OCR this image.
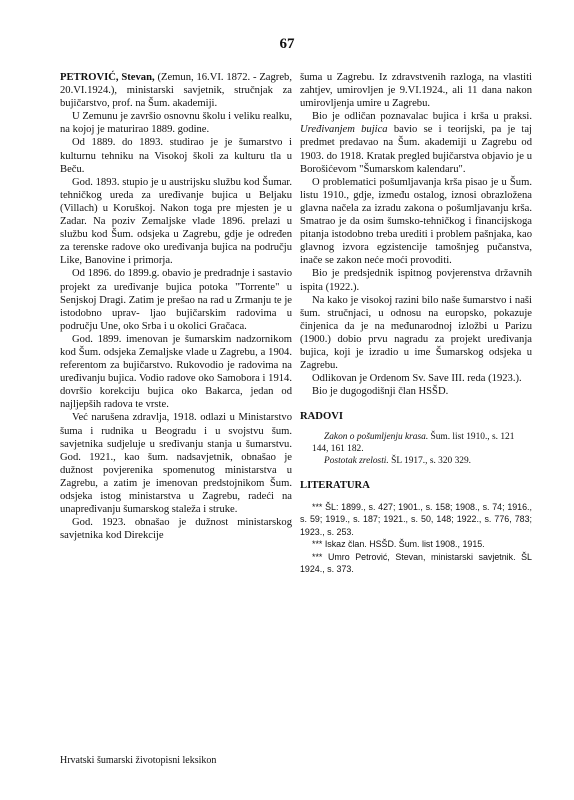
67

PETROVIĆ, Stevan, (Zemun, 16.VI. 1872. - Zagreb, 20.VI.1924.), ministarski savjetnik, stručnjak za bujičarstvo, prof. na Šum. akademiji.

U Zemunu je završio osnovnu školu i veliku realku, na kojoj je maturirao 1889. godine.

Od 1889. do 1893. studirao je je šumarstvo i kulturnu tehniku na Visokoj školi za kulturu tla u Beču.

God. 1893. stupio je u austrijsku službu kod Šumar. tehničkog ureda za uređivanje bujica u Beljaku (Villach) u Koruškoj. Nakon toga pre mjesten je u Zadar. Na poziv Zemaljske vlade 1896. prelazi u službu kod Šum. odsjeka u Zagrebu, gdje je određen za terenske radove oko uređivanja bujica na području Like, Banovine i primorja.

Od 1896. do 1899.g. obavio je predradnje i sastavio projekt za uređivanje bujica potoka "Torrente" u Senjskoj Dragi. Zatim je prešao na rad u Zrmanju te je istodobno uprav- ljao bujičarskim radovima u području Une, oko Srba i u okolici Gračaca.

God. 1899. imenovan je šumarskim nadzornikom kod Šum. odsjeka Zemaljske vlade u Zagrebu, a 1904. referentom za bujičarstvo. Rukovodio je radovima na uređivanju bujica. Vodio radove oko Samobora i 1914. dovršio korekciju bujica oko Bakarca, jedan od najljepših radova te vrste.

Već narušena zdravlja, 1918. odlazi u Ministarstvo šuma i rudnika u Beogradu i u svojstvu šum. savjetnika sudjeluje u sređivanju stanja u šumarstvu. God. 1921., kao šum. nadsavjetnik, obnašao je dužnost povjerenika spomenutog ministarstva u Zagrebu, a zatim je imenovan predstojnikom Šum. odsjeka istog ministarstva u Zagrebu, radeći na unapređivanju šumarskog staleža i struke.

God. 1923. obnašao je dužnost ministarskog savjetnika kod Direkcije

šuma u Zagrebu. Iz zdravstvenih razloga, na vlastiti zahtjev, umirovljen je 9.VI.1924., ali 11 dana nakon umirovljenja umire u Zagrebu.

Bio je odličan poznavalac bujica i krša u praksi. Uređivanjem bujica bavio se i teorijski, pa je taj predmet predavao na Šum. akademiji u Zagrebu od 1903. do 1918. Kratak pregled bujičarstva objavio je u Borošićevom "Šumarskom kalendaru".

O problematici pošumljavanja krša pisao je u Šum. listu 1910., gdje, između ostalog, iznosi obrazložena glavna načela za izradu zakona o pošumljavanju krša. Smatrao je da osim šumsko-tehničkog i financijskoga pitanja istodobno treba urediti i problem pašnjaka, kao glavnog izvora egzistencije tamošnjeg pučanstva, inače se zakon neće moći provoditi.

Bio je predsjednik ispitnog povjerenstva državnih ispita (1922.).

Na kako je visokoj razini bilo naše šumarstvo i naši šum. stručnjaci, u odnosu na europsko, pokazuje činjenica da je na međunarodnoj izložbi u Parizu (1900.) dobio prvu nagradu za projekt uređivanja bujica, koji je izradio u ime Šumarskog odsjeka u Zagrebu.

Odlikovan je Ordenom Sv. Save III. reda (1923.).

Bio je dugogodišnji član HSŠD.

RADOVI

Zakon o pošumljenju krasa. Šum. list 1910., s. 121 144, 161 182.

Postotak zrelosti. ŠL 1917., s. 320 329.

LITERATURA

*** ŠL: 1899., s. 427; 1901., s. 158; 1908., s. 74; 1916., s. 59; 1919., s. 187; 1921., s. 50, 148; 1922., s. 776, 783; 1923., s. 253.

*** Iskaz član. HSŠD. Šum. list 1908., 1915.

*** Umro Petrović, Stevan, ministarski savjetnik. ŠL 1924., s. 373.

Hrvatski šumarski životopisni leksikon
